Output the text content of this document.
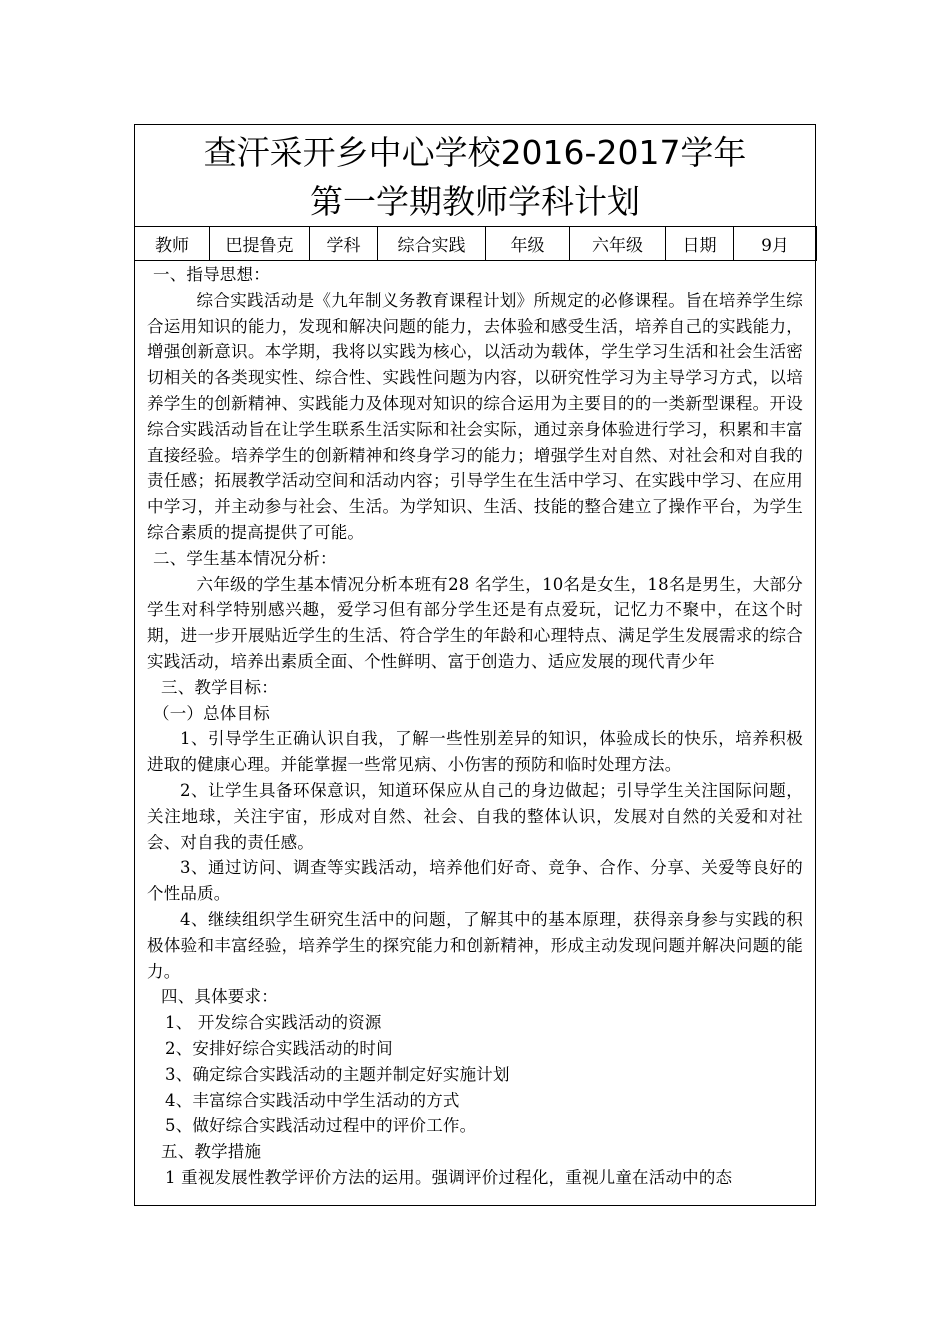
查汗采开乡中心学校2016-2017学年
第一学期教师学科计划
教师	巴提鲁克	学科	综合实践	年级	六年级	日期	9月

一、指导思想：

综合实践活动是《九年制义务教育课程计划》所规定的必修课程。旨在培养学生综合运用知识的能力，发现和解决问题的能力，去体验和感受生活，培养自己的实践能力，增强创新意识。本学期，我将以实践为核心，以活动为载体，学生学习生活和社会生活密切相关的各类现实性、综合性、实践性问题为内容，以研究性学习为主导学习方式，以培养学生的创新精神、实践能力及体现对知识的综合运用为主要目的的一类新型课程。开设综合实践活动旨在让学生联系生活实际和社会实际，通过亲身体验进行学习，积累和丰富直接经验。培养学生的创新精神和终身学习的能力；增强学生对自然、对社会和对自我的责任感；拓展教学活动空间和活动内容；引导学生在生活中学习、在实践中学习、在应用中学习，并主动参与社会、生活。为学知识、生活、技能的整合建立了操作平台，为学生综合素质的提高提供了可能。

二、学生基本情况分析：

六年级的学生基本情况分析本班有28 名学生，10名是女生，18名是男生，大部分学生对科学特别感兴趣，爱学习但有部分学生还是有点爱玩，记忆力不聚中，在这个时期，进一步开展贴近学生的生活、符合学生的年龄和心理特点、满足学生发展需求的综合实践活动，培养出素质全面、个性鲜明、富于创造力、适应发展的现代青少年

三、教学目标：

（一）总体目标

1、引导学生正确认识自我，了解一些性别差异的知识，体验成长的快乐，培养积极进取的健康心理。并能掌握一些常见病、小伤害的预防和临时处理方法。

2、让学生具备环保意识，知道环保应从自己的身边做起；引导学生关注国际问题，关注地球，关注宇宙，形成对自然、社会、自我的整体认识，发展对自然的关爱和对社会、对自我的责任感。

3、通过访问、调查等实践活动，培养他们好奇、竞争、合作、分享、关爱等良好的个性品质。

4、继续组织学生研究生活中的问题，了解其中的基本原理，获得亲身参与实践的积极体验和丰富经验，培养学生的探究能力和创新精神，形成主动发现问题并解决问题的能力。

四、具体要求：

1、 开发综合实践活动的资源

2、安排好综合实践活动的时间

3、确定综合实践活动的主题并制定好实施计划

4、丰富综合实践活动中学生活动的方式

5、做好综合实践活动过程中的评价工作。

五、教学措施

1 重视发展性教学评价方法的运用。强调评价过程化，重视儿童在活动中的态
